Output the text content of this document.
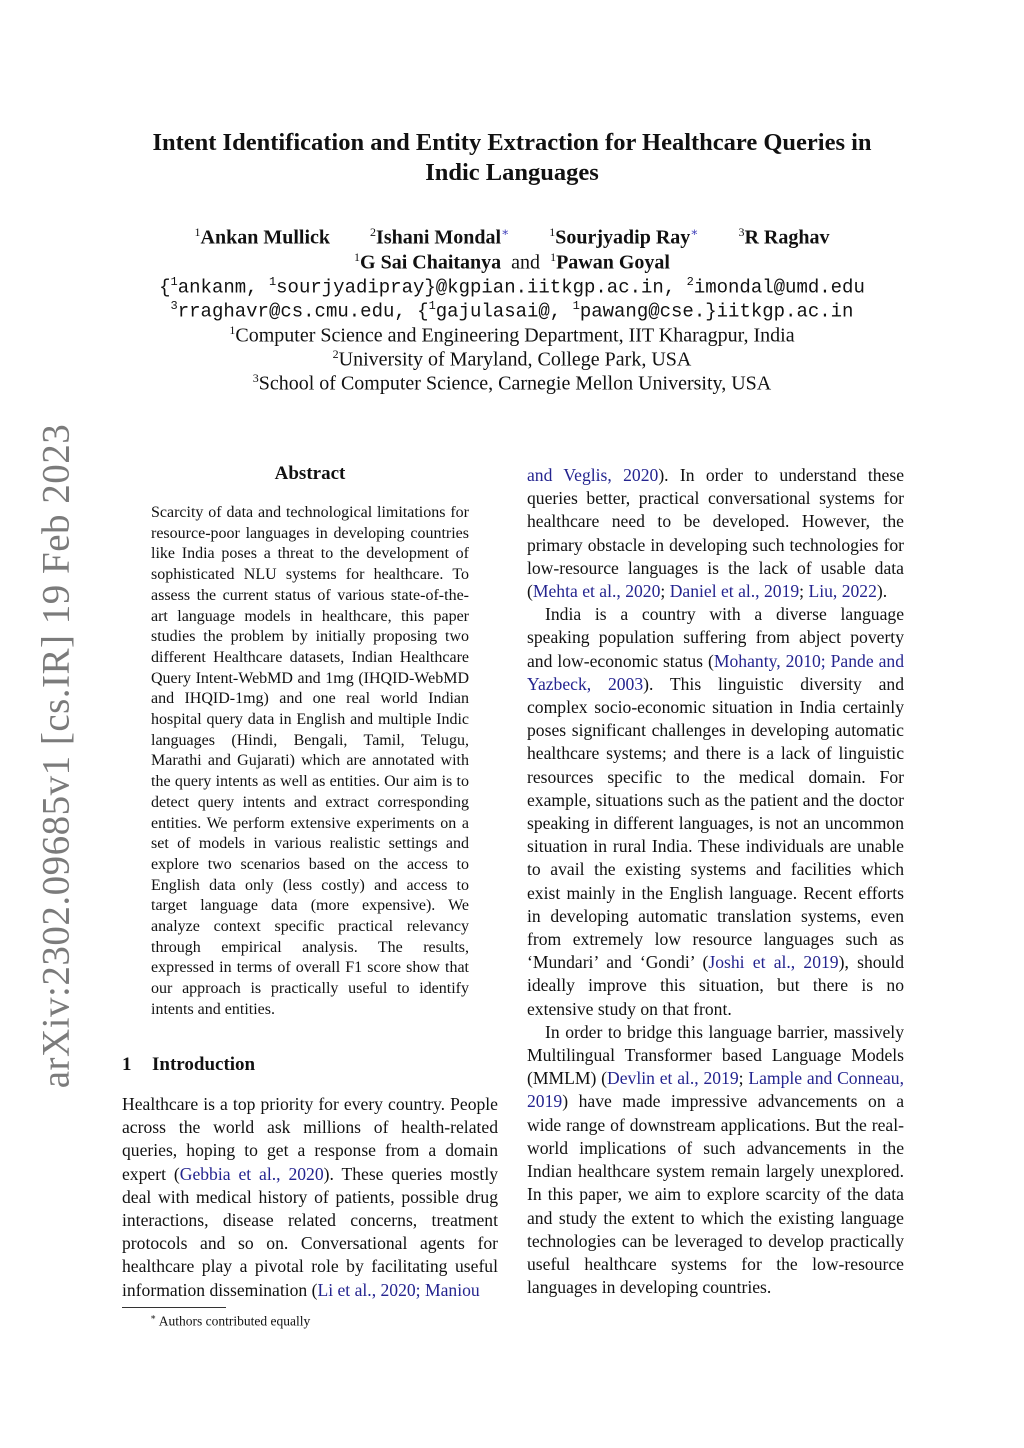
arXiv:2302.09685v1 [cs.IR] 19 Feb 2023
Intent Identification and Entity Extraction for Healthcare Queries in
Indic Languages
$^1$Ankan Mullick	$^2$Ishani Mondal∗	$^1$Sourjyadip Ray∗	$^3$R Raghav
$^1$G Sai Chaitanya and $^1$Pawan Goyal
{$^1$ankanm, $^1$sourjyadipray}@kgpian.iitkgp.ac.in, $^2$imondal@umd.edu
$^3$rraghavr@cs.cmu.edu, {$^1$gajulasai@, $^1$pawang@cse.}iitkgp.ac.in
$^1$Computer Science and Engineering Department, IIT Kharagpur, India
$^2$University of Maryland, College Park, USA
$^3$School of Computer Science, Carnegie Mellon University, USA
Abstract
Scarcity of data and technological limitations for resource-poor languages in developing countries like India poses a threat to the development of sophisticated NLU systems for healthcare. To assess the current status of various state-of-the-art language models in healthcare, this paper studies the problem by initially proposing two different Healthcare datasets, Indian Healthcare Query Intent-WebMD and 1mg (IHQID-WebMD and IHQID-1mg) and one real world Indian hospital query data in English and multiple Indic languages (Hindi, Bengali, Tamil, Telugu, Marathi and Gujarati) which are annotated with the query intents as well as entities. Our aim is to detect query intents and extract corresponding entities. We perform extensive experiments on a set of models in various realistic settings and explore two scenarios based on the access to English data only (less costly) and access to target language data (more expensive). We analyze context specific practical relevancy through empirical analysis. The results, expressed in terms of overall F1 score show that our approach is practically useful to identify intents and entities.
1 Introduction

Healthcare is a top priority for every country. People across the world ask millions of health-related queries, hoping to get a response from a domain expert (Gebbia et al., 2020). These queries mostly deal with medical history of patients, possible drug interactions, disease related concerns, treatment protocols and so on. Conversational agents for healthcare play a pivotal role by facilitating useful information dissemination (Li et al., 2020; Maniou

∗ Authors contributed equally

and Veglis, 2020). In order to understand these queries better, practical conversational systems for healthcare need to be developed. However, the primary obstacle in developing such technologies for low-resource languages is the lack of usable data (Mehta et al., 2020; Daniel et al., 2019; Liu, 2022).

India is a country with a diverse language speaking population suffering from abject poverty and low-economic status (Mohanty, 2010; Pande and Yazbeck, 2003). This linguistic diversity and complex socio-economic situation in India certainly poses significant challenges in developing automatic healthcare systems; and there is a lack of linguistic resources specific to the medical domain. For example, situations such as the patient and the doctor speaking in different languages, is not an uncommon situation in rural India. These individuals are unable to avail the existing systems and facilities which exist mainly in the English language. Recent efforts in developing automatic translation systems, even from extremely low resource languages such as ‘Mundari’ and ‘Gondi’ (Joshi et al., 2019), should ideally improve this situation, but there is no extensive study on that front.

In order to bridge this language barrier, massively Multilingual Transformer based Language Models (MMLM) (Devlin et al., 2019; Lample and Conneau, 2019) have made impressive advancements on a wide range of downstream applications. But the real-world implications of such advancements in the Indian healthcare system remain largely unexplored. In this paper, we aim to explore scarcity of the data and study the extent to which the existing language technologies can be leveraged to develop practically useful healthcare systems for the low-resource languages in developing countries.
